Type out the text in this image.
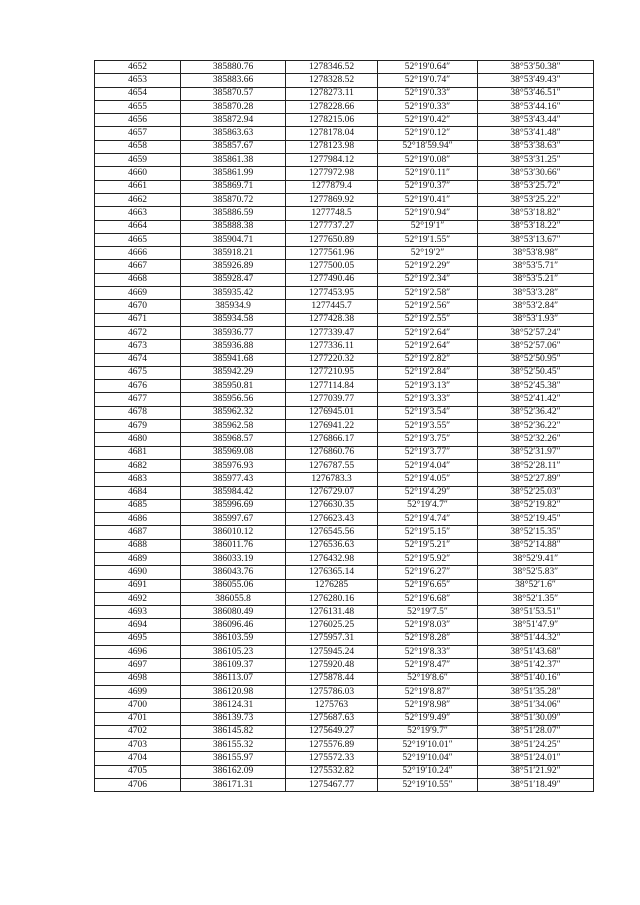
4652	385880.76	1278346.52	52°19′0.64″	38°53′50.38″
4653	385883.66	1278328.52	52°19′0.74″	38°53′49.43″
4654	385870.57	1278273.11	52°19′0.33″	38°53′46.51″
4655	385870.28	1278228.66	52°19′0.33″	38°53′44.16″
4656	385872.94	1278215.06	52°19′0.42″	38°53′43.44″
4657	385863.63	1278178.04	52°19′0.12″	38°53′41.48″
4658	385857.67	1278123.98	52°18′59.94″	38°53′38.63″
4659	385861.38	1277984.12	52°19′0.08″	38°53′31.25″
4660	385861.99	1277972.98	52°19′0.11″	38°53′30.66″
4661	385869.71	1277879.4	52°19′0.37″	38°53′25.72″
4662	385870.72	1277869.92	52°19′0.41″	38°53′25.22″
4663	385886.59	1277748.5	52°19′0.94″	38°53′18.82″
4664	385888.38	1277737.27	52°19′1″	38°53′18.22″
4665	385904.71	1277650.89	52°19′1.55″	38°53′13.67″
4666	385918.21	1277561.96	52°19′2″	38°53′8.98″
4667	385926.89	1277500.05	52°19′2.29″	38°53′5.71″
4668	385928.47	1277490.46	52°19′2.34″	38°53′5.21″
4669	385935.42	1277453.95	52°19′2.58″	38°53′3.28″
4670	385934.9	1277445.7	52°19′2.56″	38°53′2.84″
4671	385934.58	1277428.38	52°19′2.55″	38°53′1.93″
4672	385936.77	1277339.47	52°19′2.64″	38°52′57.24″
4673	385936.88	1277336.11	52°19′2.64″	38°52′57.06″
4674	385941.68	1277220.32	52°19′2.82″	38°52′50.95″
4675	385942.29	1277210.95	52°19′2.84″	38°52′50.45″
4676	385950.81	1277114.84	52°19′3.13″	38°52′45.38″
4677	385956.56	1277039.77	52°19′3.33″	38°52′41.42″
4678	385962.32	1276945.01	52°19′3.54″	38°52′36.42″
4679	385962.58	1276941.22	52°19′3.55″	38°52′36.22″
4680	385968.57	1276866.17	52°19′3.75″	38°52′32.26″
4681	385969.08	1276860.76	52°19′3.77″	38°52′31.97″
4682	385976.93	1276787.55	52°19′4.04″	38°52′28.11″
4683	385977.43	1276783.3	52°19′4.05″	38°52′27.89″
4684	385984.42	1276729.07	52°19′4.29″	38°52′25.03″
4685	385996.69	1276630.35	52°19′4.7″	38°52′19.82″
4686	385997.67	1276623.43	52°19′4.74″	38°52′19.45″
4687	386010.12	1276545.56	52°19′5.15″	38°52′15.35″
4688	386011.76	1276536.63	52°19′5.21″	38°52′14.88″
4689	386033.19	1276432.98	52°19′5.92″	38°52′9.41″
4690	386043.76	1276365.14	52°19′6.27″	38°52′5.83″
4691	386055.06	1276285	52°19′6.65″	38°52′1.6″
4692	386055.8	1276280.16	52°19′6.68″	38°52′1.35″
4693	386080.49	1276131.48	52°19′7.5″	38°51′53.51″
4694	386096.46	1276025.25	52°19′8.03″	38°51′47.9″
4695	386103.59	1275957.31	52°19′8.28″	38°51′44.32″
4696	386105.23	1275945.24	52°19′8.33″	38°51′43.68″
4697	386109.37	1275920.48	52°19′8.47″	38°51′42.37″
4698	386113.07	1275878.44	52°19′8.6″	38°51′40.16″
4699	386120.98	1275786.03	52°19′8.87″	38°51′35.28″
4700	386124.31	1275763	52°19′8.98″	38°51′34.06″
4701	386139.73	1275687.63	52°19′9.49″	38°51′30.09″
4702	386145.82	1275649.27	52°19′9.7″	38°51′28.07″
4703	386155.32	1275576.89	52°19′10.01″	38°51′24.25″
4704	386155.97	1275572.33	52°19′10.04″	38°51′24.01″
4705	386162.09	1275532.82	52°19′10.24″	38°51′21.92″
4706	386171.31	1275467.77	52°19′10.55″	38°51′18.49″
